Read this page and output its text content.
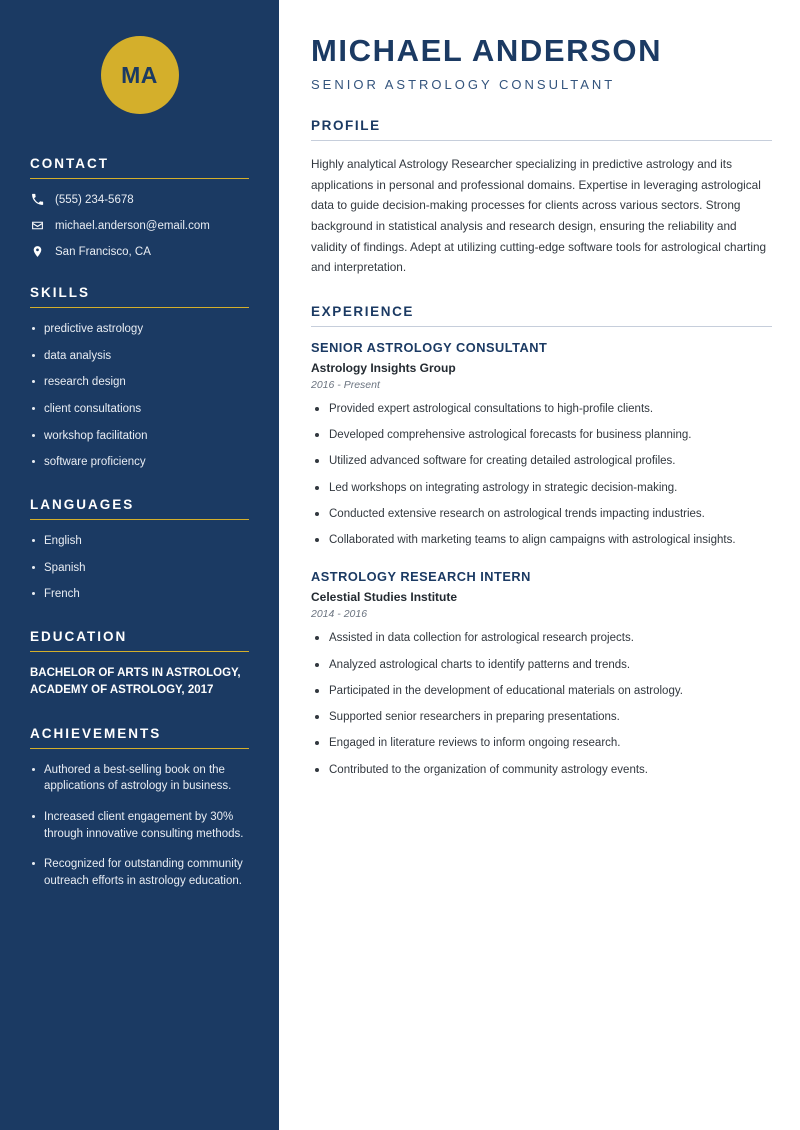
MA
CONTACT
(555) 234-5678
michael.anderson@email.com
San Francisco, CA
SKILLS
predictive astrology
data analysis
research design
client consultations
workshop facilitation
software proficiency
LANGUAGES
English
Spanish
French
EDUCATION
BACHELOR OF ARTS IN ASTROLOGY,
ACADEMY OF ASTROLOGY, 2017
ACHIEVEMENTS
Authored a best-selling book on the applications of astrology in business.
Increased client engagement by 30% through innovative consulting methods.
Recognized for outstanding community outreach efforts in astrology education.
MICHAEL ANDERSON
SENIOR ASTROLOGY CONSULTANT
PROFILE

Highly analytical Astrology Researcher specializing in predictive astrology and its applications in personal and professional domains. Expertise in leveraging astrological data to guide decision-making processes for clients across various sectors. Strong background in statistical analysis and research design, ensuring the reliability and validity of findings. Adept at utilizing cutting-edge software tools for astrological charting and interpretation.

EXPERIENCE
SENIOR ASTROLOGY CONSULTANT
Astrology Insights Group
2016 - Present
Provided expert astrological consultations to high-profile clients.
Developed comprehensive astrological forecasts for business planning.
Utilized advanced software for creating detailed astrological profiles.
Led workshops on integrating astrology in strategic decision-making.
Conducted extensive research on astrological trends impacting industries.
Collaborated with marketing teams to align campaigns with astrological insights.
ASTROLOGY RESEARCH INTERN
Celestial Studies Institute
2014 - 2016
Assisted in data collection for astrological research projects.
Analyzed astrological charts to identify patterns and trends.
Participated in the development of educational materials on astrology.
Supported senior researchers in preparing presentations.
Engaged in literature reviews to inform ongoing research.
Contributed to the organization of community astrology events.
